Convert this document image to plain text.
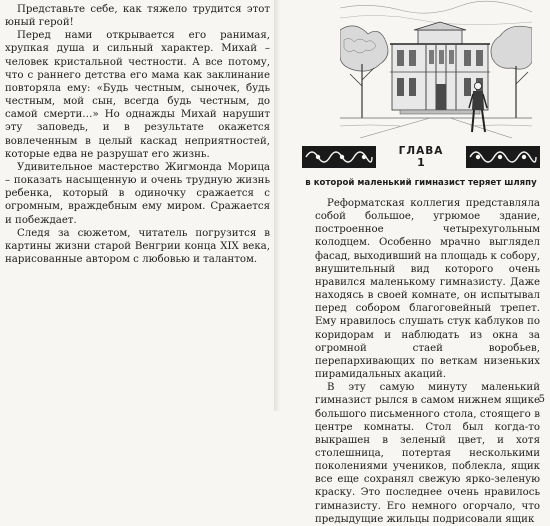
Представьте себе, как тяжело трудится этот юный герой!

Перед нами открывается его ранимая, хрупкая душа и сильный характер. Михай – человек кристальной честности. А все потому, что с раннего детства его мама как заклинание повторяла ему: «Будь честным, сыночек, будь честным, мой сын, всегда будь честным, до самой смерти…» Но однажды Михай нарушит эту заповедь, и в результате окажется вовлеченным в целый каскад неприятностей, которые едва не разрушат его жизнь.

Удивительное мастерство Жигмонда Морица – показать насыщенную и очень трудную жизнь ребенка, который в одиночку сражается с огромным, враждебным ему миром. Сражается и побеждает.

Следя за сюжетом, читатель погрузится в картины жизни старой Венгрии конца XIX века, нарисованные автором с любовью и талантом.

ГЛАВА
1
в которой маленький гимназист теряет шляпу

Реформатская коллегия представляла собой большое, угрюмое здание, построенное четырехугольным колодцем. Особенно мрачно выглядел фасад, выходивший на площадь к собору, внушительный вид которого очень нравился маленькому гимназисту. Даже находясь в своей комнате, он испытывал перед собором благоговейный трепет. Ему нравилось слушать стук каблуков по коридорам и наблюдать из окна за огромной стаей воробьев, перепархивающих по веткам низеньких пирамидальных акаций.

В эту самую минуту маленький гимназист рылся в самом нижнем ящике большого письменного стола, стоящего в центре комнаты. Стол был когда-то выкрашен в зеленый цвет, и хотя столешница, потертая несколькими поколениями учеников, поблекла, ящик все еще сохранял свежую ярко-зеленую краску. Это последнее очень нравилось гимназисту. Его немного огорчало, что предыдущие жильцы подрисовали ящик

5
